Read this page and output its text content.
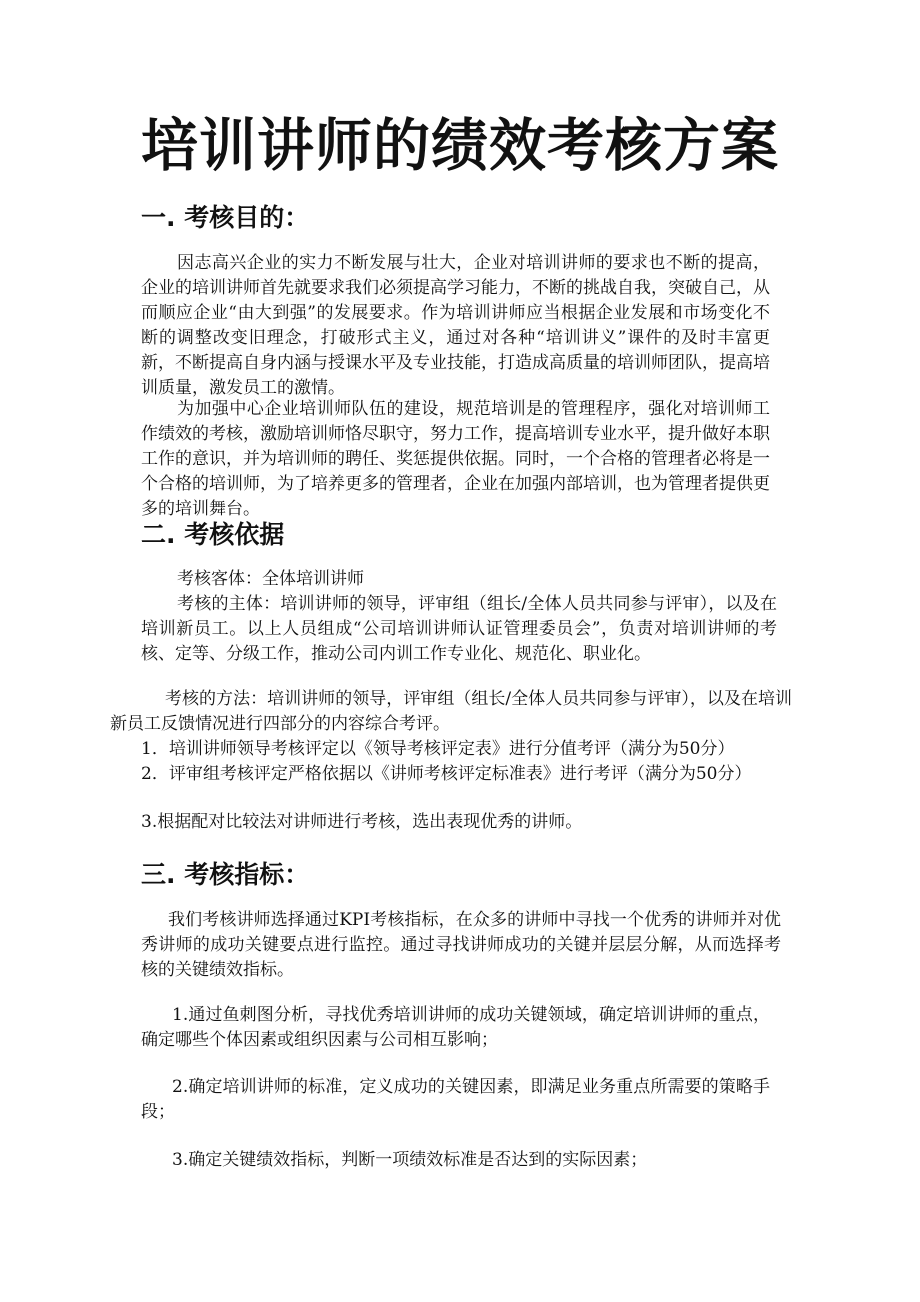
培训讲师的绩效考核方案
一. 考核目的：

因志高兴企业的实力不断发展与壮大，企业对培训讲师的要求也不断的提高，企业的培训讲师首先就要求我们必须提高学习能力，不断的挑战自我，突破自己，从而顺应企业“由大到强”的发展要求。作为培训讲师应当根据企业发展和市场变化不断的调整改变旧理念，打破形式主义，通过对各种“培训讲义”课件的及时丰富更新，不断提高自身内涵与授课水平及专业技能，打造成高质量的培训师团队，提高培训质量，激发员工的激情。

为加强中心企业培训师队伍的建设，规范培训是的管理程序，强化对培训师工作绩效的考核，激励培训师恪尽职守，努力工作，提高培训专业水平，提升做好本职工作的意识，并为培训师的聘任、奖惩提供依据。同时，一个合格的管理者必将是一个合格的培训师，为了培养更多的管理者，企业在加强内部培训，也为管理者提供更多的培训舞台。

二. 考核依据

考核客体：全体培训讲师

考核的主体：培训讲师的领导，评审组（组长/全体人员共同参与评审），以及在培训新员工。以上人员组成“公司培训讲师认证管理委员会”，负责对培训讲师的考核、定等、分级工作，推动公司内训工作专业化、规范化、职业化。

考核的方法：培训讲师的领导，评审组（组长/全体人员共同参与评审），以及在培训新员工反馈情况进行四部分的内容综合考评。

1．培训讲师领导考核评定以《领导考核评定表》进行分值考评（满分为50分）

2．评审组考核评定严格依据以《讲师考核评定标准表》进行考评（满分为50分）

3.根据配对比较法对讲师进行考核，选出表现优秀的讲师。

三. 考核指标：

我们考核讲师选择通过KPI考核指标，在众多的讲师中寻找一个优秀的讲师并对优秀讲师的成功关键要点进行监控。通过寻找讲师成功的关键并层层分解，从而选择考核的关键绩效指标。

1.通过鱼刺图分析，寻找优秀培训讲师的成功关键领域，确定培训讲师的重点，确定哪些个体因素或组织因素与公司相互影响；

2.确定培训讲师的标准，定义成功的关键因素，即满足业务重点所需要的策略手段；

3.确定关键绩效指标，判断一项绩效标准是否达到的实际因素；
